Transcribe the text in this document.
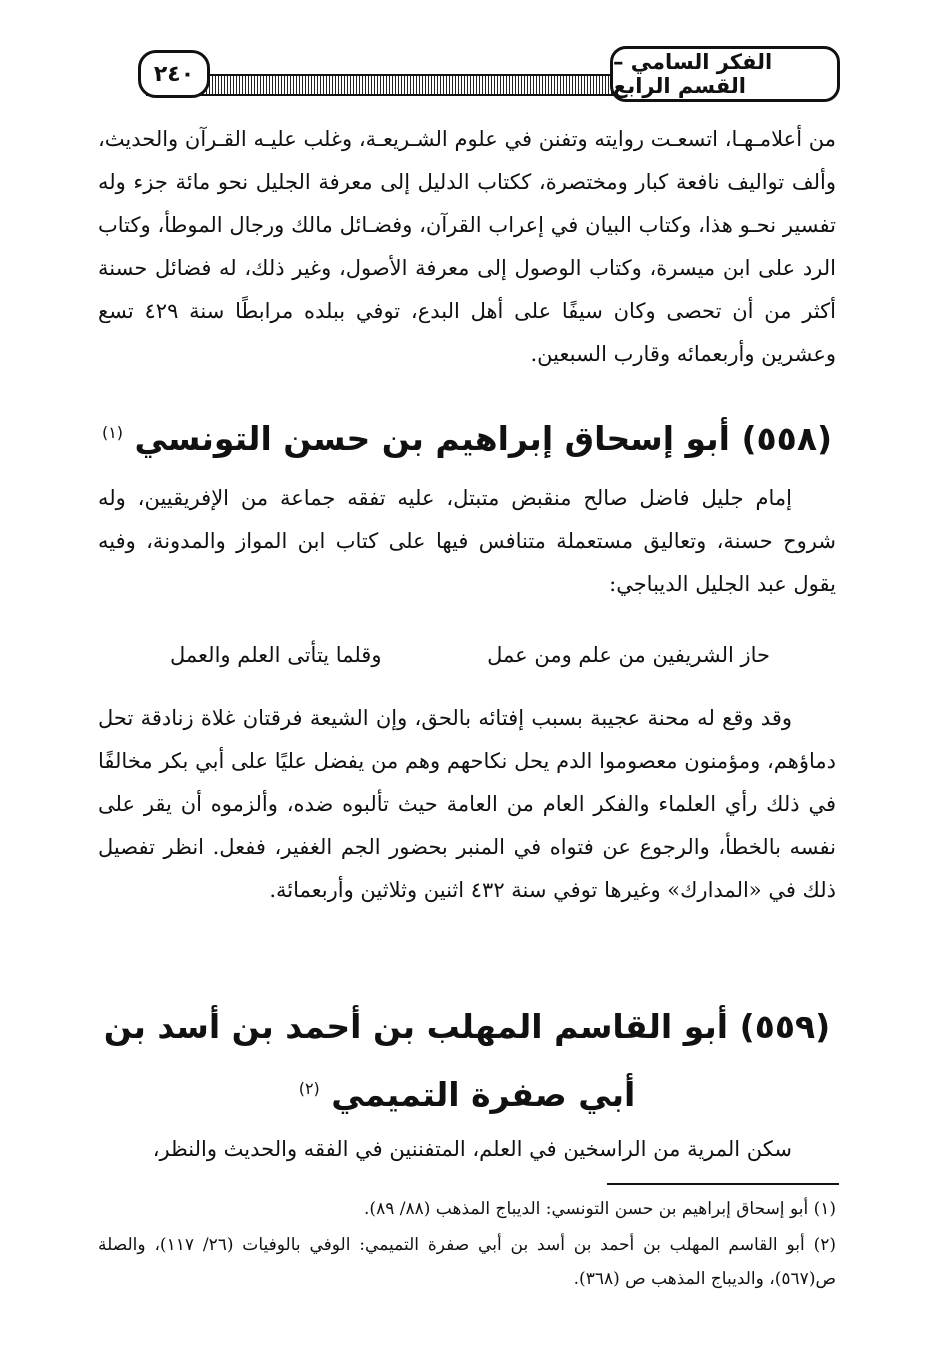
الفكر السامي – القسم الرابع
٢٤٠

من أعلامـهـا، اتسعـت روايته وتفنن في علوم الشـريعـة، وغلب عليـه القـرآن والحديث، وألف تواليف نافعة كبار ومختصرة، ككتاب الدليل إلى معرفة الجليل نحو مائة جزء وله تفسير نحـو هذا، وكتاب البيان في إعراب القرآن، وفضـائل مالك ورجال الموطأ، وكتاب الرد على ابن ميسرة، وكتاب الوصول إلى معرفة الأصول، وغير ذلك، له فضائل حسنة أكثر من أن تحصى وكان سيفًا على أهل البدع، توفي ببلده مرابطًا سنة ٤٢٩ تسع وعشرين وأربعمائه وقارب السبعين.

(٥٥٨) أبو إسحاق إبراهيم بن حسن التونسي $^{(١)}$

إمام جليل فاضل صالح منقبض متبتل، عليه تفقه جماعة من الإفريقيين، وله شروح حسنة، وتعاليق مستعملة متنافس فيها على كتاب ابن المواز والمدونة، وفيه يقول عبد الجليل الديباجي:

حاز الشريفين من علم ومن عمل
وقلما يتأتى العلم والعمل

وقد وقع له محنة عجيبة بسبب إفتائه بالحق، وإن الشيعة فرقتان غلاة زنادقة تحل دماؤهم، ومؤمنون معصوموا الدم يحل نكاحهم وهم من يفضل عليًا على أبي بكر مخالفًا في ذلك رأي العلماء والفكر العام من العامة حيث تألبوه ضده، وألزموه أن يقر على نفسه بالخطأ، والرجوع عن فتواه في المنبر بحضور الجم الغفير، ففعل. انظر تفصيل ذلك في «المدارك» وغيرها توفي سنة ٤٣٢ اثنين وثلاثين وأربعمائة.

(٥٥٩) أبو القاسم المهلب بن أحمد بن أسد بن أبي صفرة التميمي $^{(٢)}$

سكن المرية من الراسخين في العلم، المتفننين في الفقه والحديث والنظر،

(١) أبو إسحاق إبراهيم بن حسن التونسي: الديباج المذهب (٨٨/ ٨٩).

(٢) أبو القاسم المهلب بن أحمد بن أسد بن أبي صفرة التميمي: الوفي بالوفيات (٢٦/ ١١٧)، والصلة ص(٥٦٧)، والديباج المذهب ص (٣٦٨).
